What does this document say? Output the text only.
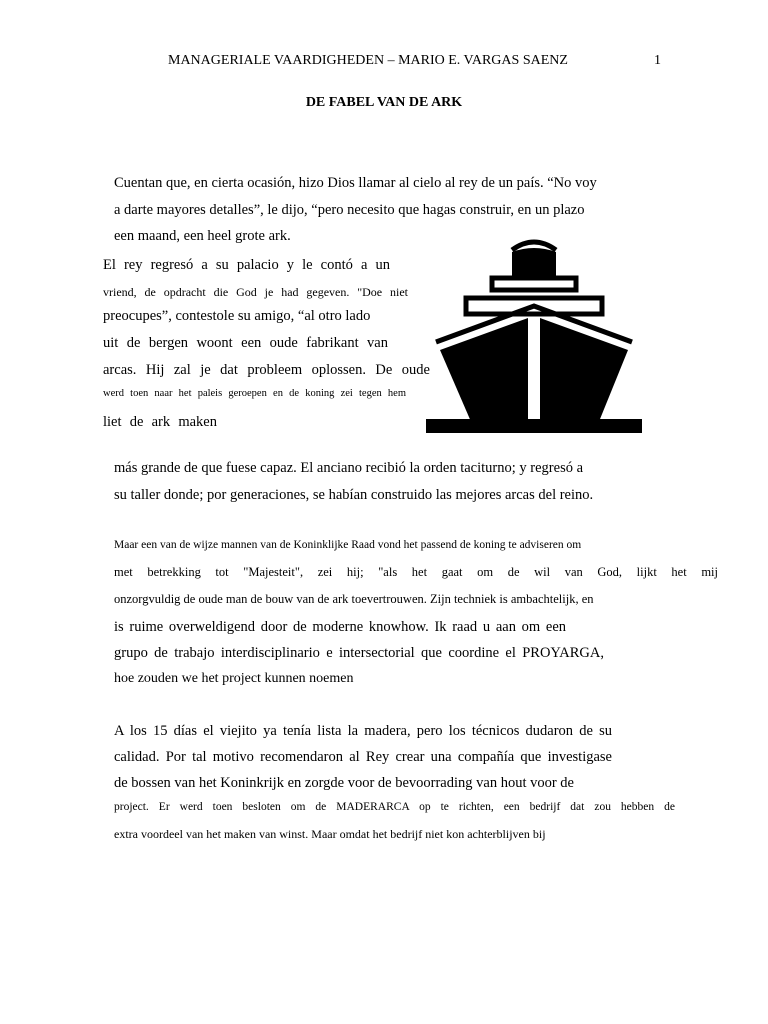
MANAGERIALE VAARDIGHEDEN – MARIO E. VARGAS SAENZ	1
DE FABEL VAN DE ARK
Cuentan que, en cierta ocasión, hizo Dios llamar al cielo al rey de un país. “No voy
a darte mayores detalles”, le dijo, “pero necesito que hagas construir, en un plazo
een maand, een heel grote ark.
El rey regresó a su palacio y le contó a un
vriend, de opdracht die God je had gegeven. "Doe niet
preocupes”, contestole su amigo, “al otro lado
uit de bergen woont een oude fabrikant van
arcas. Hij zal je dat probleem oplossen. De oude
werd toen naar het paleis geroepen en de koning zei tegen hem
liet de ark maken
más grande de que fuese capaz. El anciano recibió la orden taciturno; y regresó a
su taller donde; por generaciones, se habían construido las mejores arcas del reino.
Maar een van de wijze mannen van de Koninklijke Raad vond het passend de koning te adviseren om
met betrekking tot "Majesteit", zei hij; "als het gaat om de wil van God, lijkt het mij
onzorgvuldig de oude man de bouw van de ark toevertrouwen. Zijn techniek is ambachtelijk, en
is ruime overweldigend door de moderne knowhow. Ik raad u aan om een
grupo de trabajo interdisciplinario e intersectorial que coordine el PROYARGA,
hoe zouden we het project kunnen noemen
A los 15 días el viejito ya tenía lista la madera, pero los técnicos dudaron de su
calidad. Por tal motivo recomendaron al Rey crear una compañía que investigase
de bossen van het Koninkrijk en zorgde voor de bevoorrading van hout voor de
project. Er werd toen besloten om de MADERARCA op te richten, een bedrijf dat zou hebben de
extra voordeel van het maken van winst. Maar omdat het bedrijf niet kon achterblijven bij
